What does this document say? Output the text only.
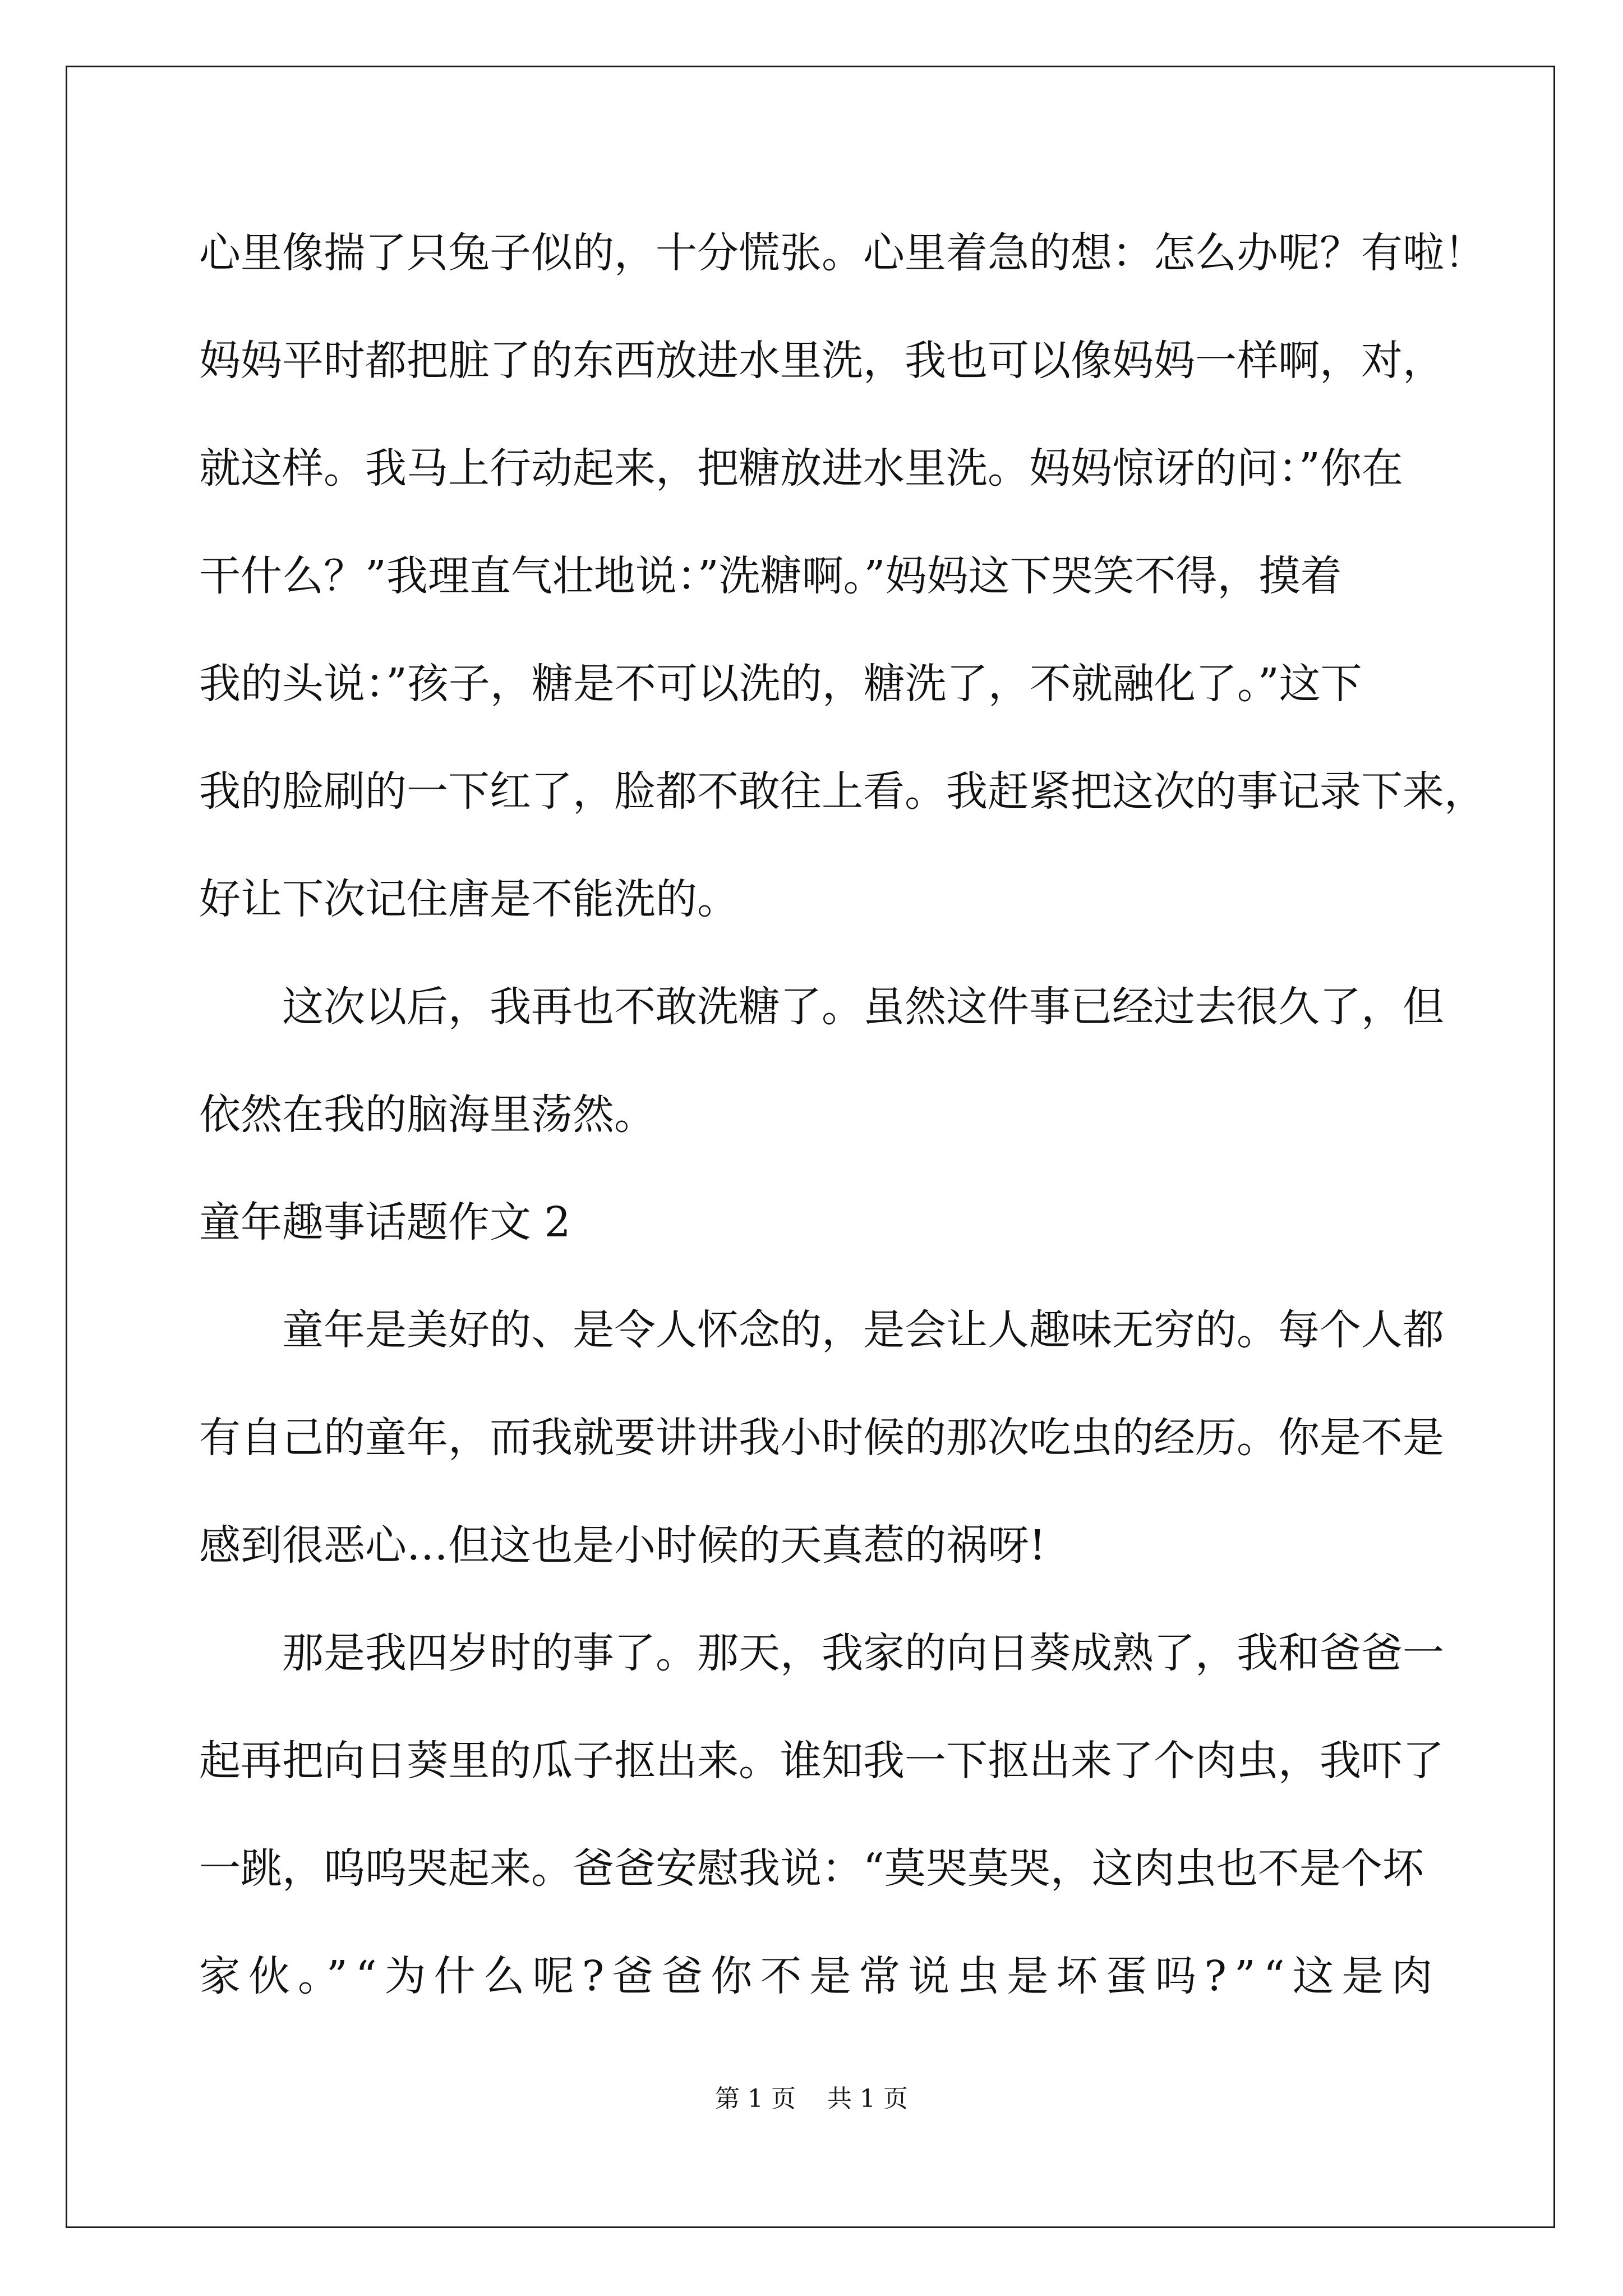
心里像揣了只兔子似的，十分慌张。心里着急的想：怎么办呢？有啦！
妈妈平时都把脏了的东西放进水里洗，我也可以像妈妈一样啊，对，
就这样。我马上行动起来，把糖放进水里洗。妈妈惊讶的问：”你在
干什么？”我理直气壮地说：”洗糖啊。”妈妈这下哭笑不得，摸着
我的头说：”孩子，糖是不可以洗的，糖洗了，不就融化了。”这下
我的脸刷的一下红了，脸都不敢往上看。我赶紧把这次的事记录下来，
好让下次记住唐是不能洗的。
这次以后，我再也不敢洗糖了。虽然这件事已经过去很久了，但
依然在我的脑海里荡然。
童年趣事话题作文 2
童年是美好的、是令人怀念的，是会让人趣味无穷的。每个人都
有自己的童年，而我就要讲讲我小时候的那次吃虫的经历。你是不是
感到很恶心…但这也是小时候的天真惹的祸呀!
那是我四岁时的事了。那天，我家的向日葵成熟了，我和爸爸一
起再把向日葵里的瓜子抠出来。谁知我一下抠出来了个肉虫，我吓了
一跳，呜呜哭起来。爸爸安慰我说：“莫哭莫哭，这肉虫也不是个坏
家伙。”“为什么呢?爸爸你不是常说虫是坏蛋吗?”“这是肉
第 1 页    共 1 页
